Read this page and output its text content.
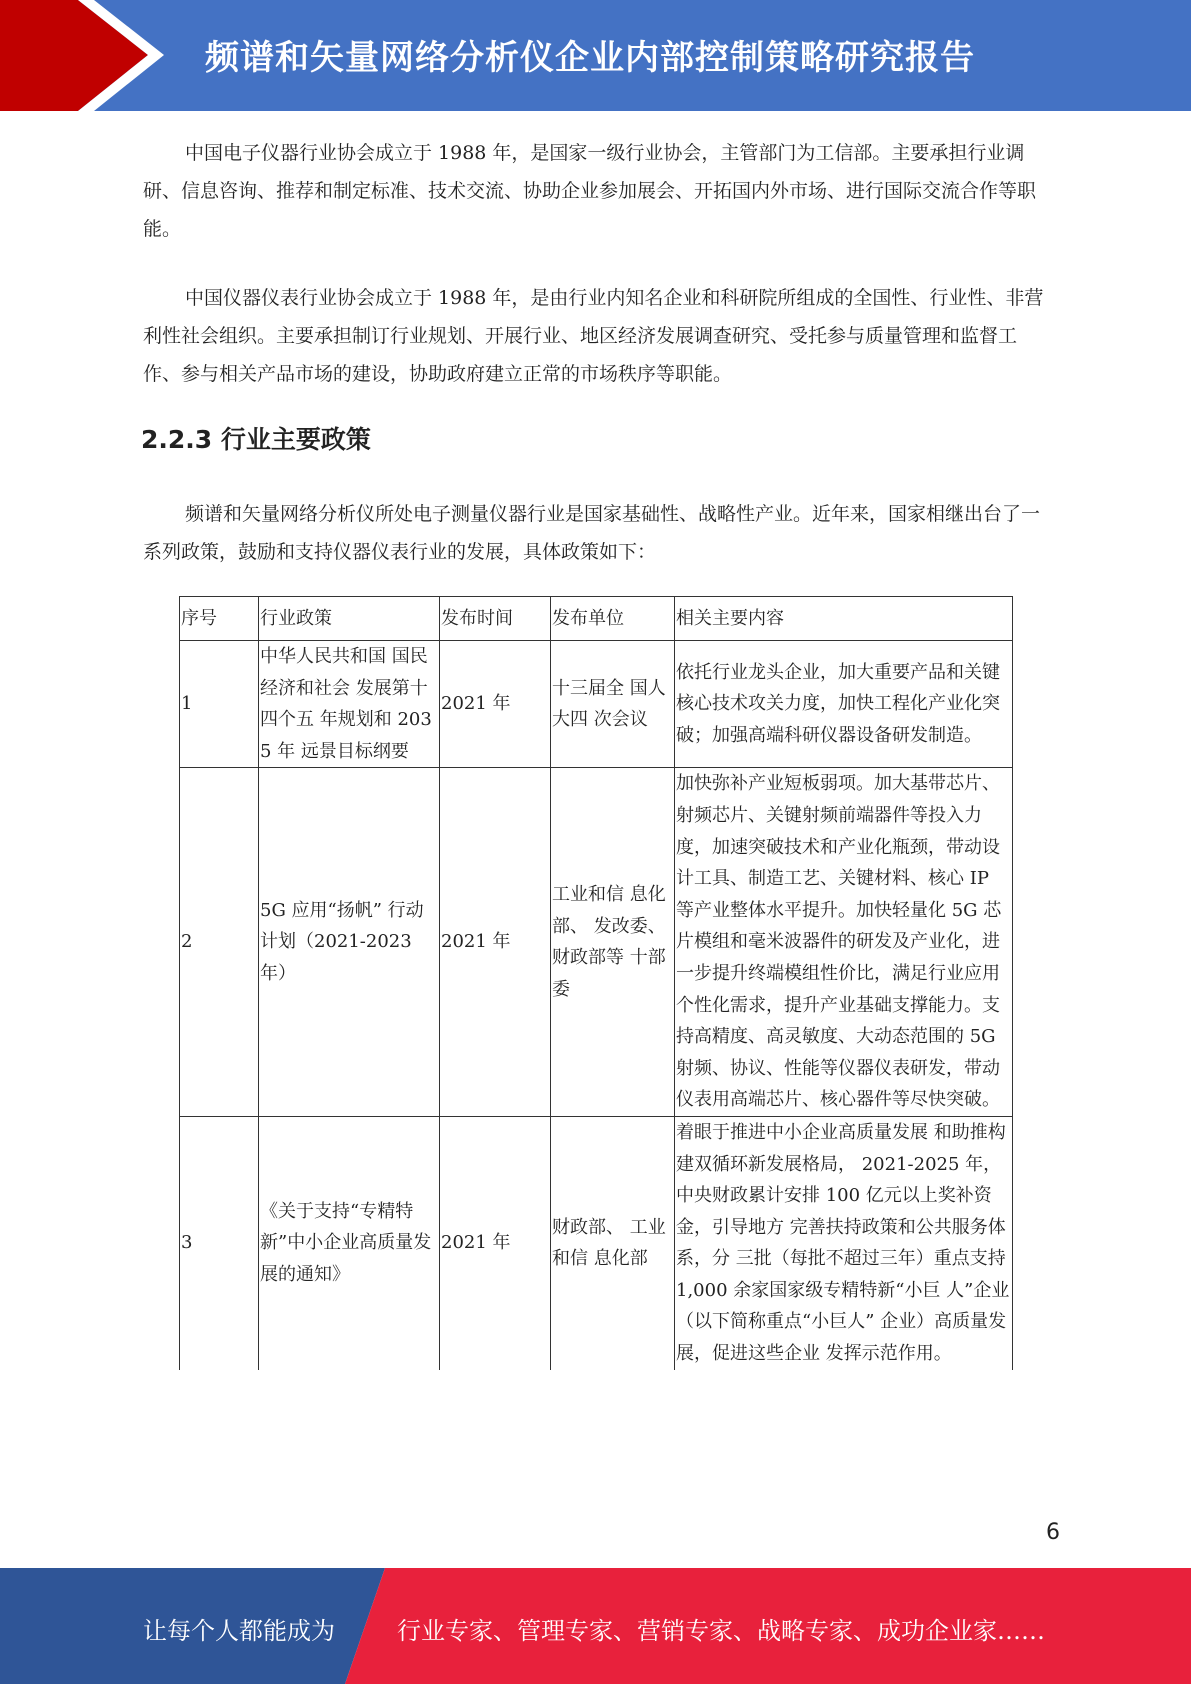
频谱和矢量网络分析仪企业内部控制策略研究报告

中国电子仪器行业协会成立于 1988 年，是国家一级行业协会，主管部门为工信部。主要承担行业调研、信息咨询、推荐和制定标准、技术交流、协助企业参加展会、开拓国内外市场、进行国际交流合作等职能。

中国仪器仪表行业协会成立于 1988 年，是由行业内知名企业和科研院所组成的全国性、行业性、非营利性社会组织。主要承担制订行业规划、开展行业、地区经济发展调查研究、受托参与质量管理和监督工作、参与相关产品市场的建设，协助政府建立正常的市场秩序等职能。

2.2.3 行业主要政策

频谱和矢量网络分析仪所处电子测量仪器行业是国家基础性、战略性产业。近年来，国家相继出台了一系列政策，鼓励和支持仪器仪表行业的发展，具体政策如下：

序号	行业政策	发布时间	发布单位	相关主要内容
1	中华人民共和国 国民经济和社会 发展第十四个五 年规划和 2035 年 远景目标纲要	2021 年	十三届全 国人大四 次会议	依托行业龙头企业，加大重要产品和关键核心技术攻关力度，加快工程化产业化突破；加强高端科研仪器设备研发制造。
2	5G 应用“扬帆” 行动计划（2021-2023 年）	2021 年	工业和信 息化部、 发改委、财政部等 十部委	加快弥补产业短板弱项。加大基带芯片、射频芯片、关键射频前端器件等投入力度，加速突破技术和产业化瓶颈，带动设计工具、制造工艺、关键材料、核心 IP 等产业整体水平提升。加快轻量化 5G 芯片模组和毫米波器件的研发及产业化，进一步提升终端模组性价比，满足行业应用个性化需求，提升产业基础支撑能力。支持高精度、高灵敏度、大动态范围的 5G 射频、协议、性能等仪器仪表研发，带动仪表用高端芯片、核心器件等尽快突破。
3	《关于支持“专精特新”中小企业高质量发展的通知》	2021 年	财政部、 工业和信 息化部	着眼于推进中小企业高质量发展 和助推构建双循环新发展格局， 2021-2025 年，中央财政累计安排 100 亿元以上奖补资金，引导地方 完善扶持政策和公共服务体系，分 三批（每批不超过三年）重点支持 1,000 余家国家级专精特新“小巨 人”企业（以下简称重点“小巨人” 企业）高质量发展，促进这些企业 发挥示范作用。
6
让每个人都能成为	行业专家、管理专家、营销专家、战略专家、成功企业家……
